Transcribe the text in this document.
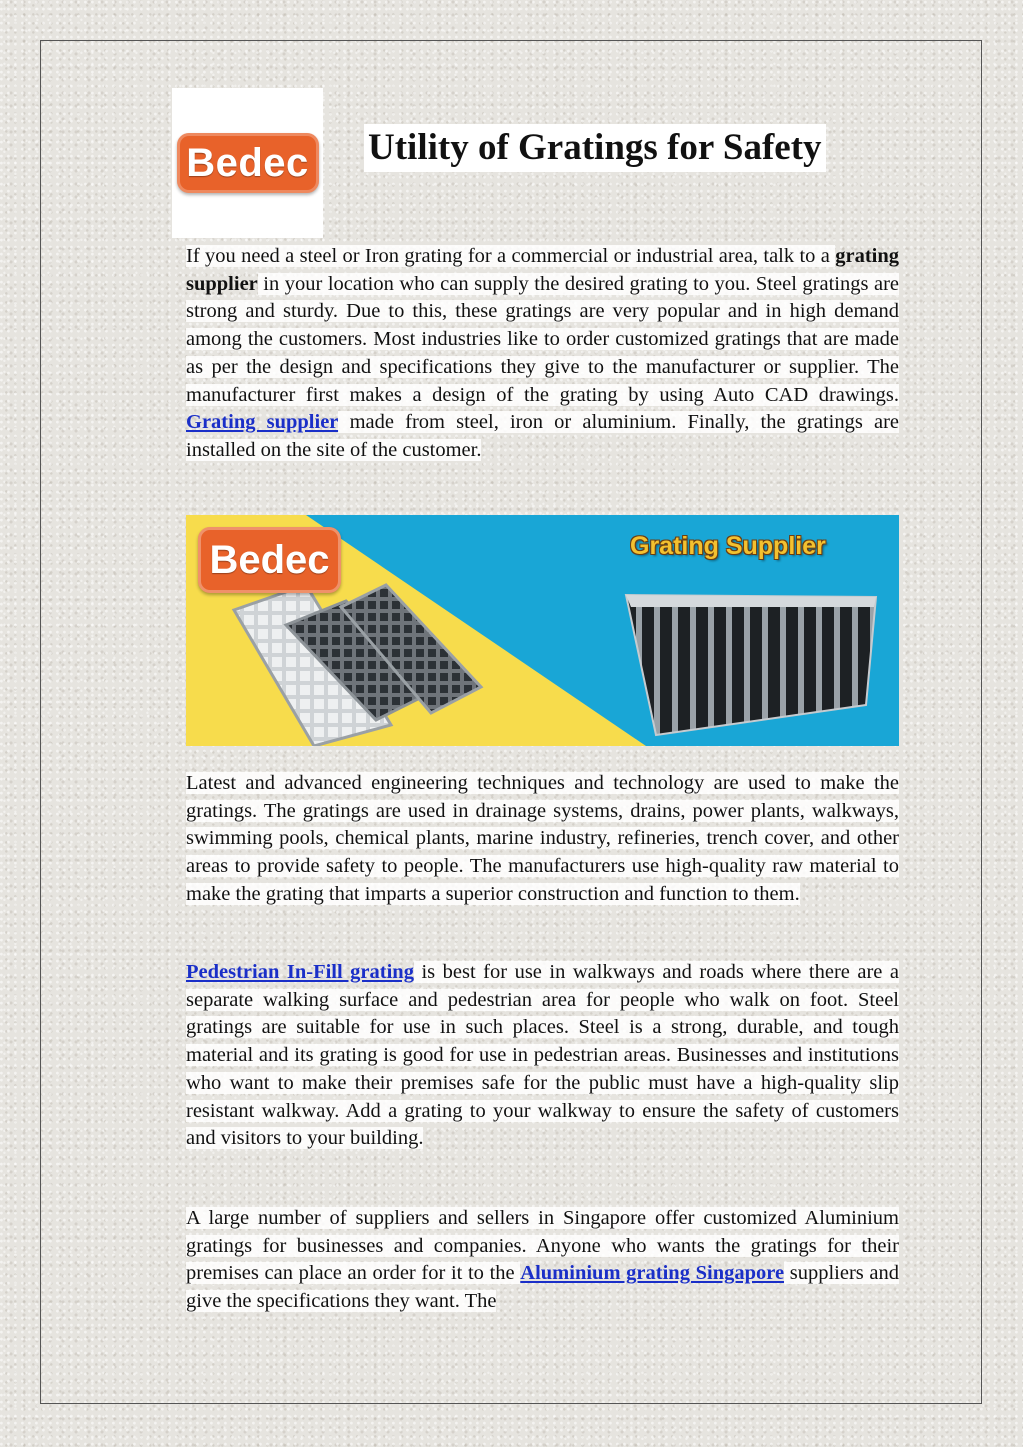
Bedec Utility of Gratings for Safety

If you need a steel or Iron grating for a commercial or industrial area, talk to a grating supplier in your location who can supply the desired grating to you. Steel gratings are strong and sturdy. Due to this, these gratings are very popular and in high demand among the customers. Most industries like to order customized gratings that are made as per the design and specifications they give to the manufacturer or supplier. The manufacturer first makes a design of the grating by using Auto CAD drawings. Grating supplier made from steel, iron or aluminium. Finally, the gratings are installed on the site of the customer.

Bedec	Grating Supplier

Latest and advanced engineering techniques and technology are used to make the gratings. The gratings are used in drainage systems, drains, power plants, walkways, swimming pools, chemical plants, marine industry, refineries, trench cover, and other areas to provide safety to people. The manufacturers use high-quality raw material to make the grating that imparts a superior construction and function to them.

Pedestrian In-Fill grating is best for use in walkways and roads where there are a separate walking surface and pedestrian area for people who walk on foot. Steel gratings are suitable for use in such places. Steel is a strong, durable, and tough material and its grating is good for use in pedestrian areas. Businesses and institutions who want to make their premises safe for the public must have a high-quality slip resistant walkway. Add a grating to your walkway to ensure the safety of customers and visitors to your building.

A large number of suppliers and sellers in Singapore offer customized Aluminium gratings for businesses and companies. Anyone who wants the gratings for their premises can place an order for it to the Aluminium grating Singapore suppliers and give the specifications they want. The
